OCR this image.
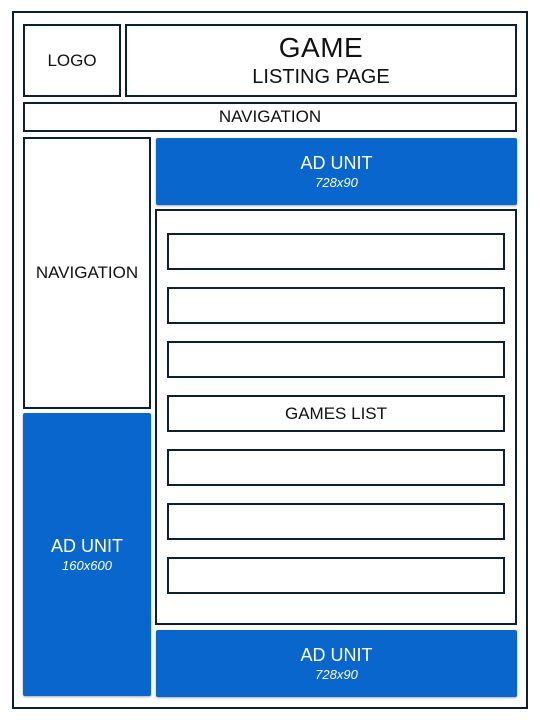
LOGO	GAME
LISTING PAGE
NAVIGATION
NAVIGATION
AD UNIT
728x90
GAMES LIST
AD UNIT
160x600
AD UNIT
728x90
